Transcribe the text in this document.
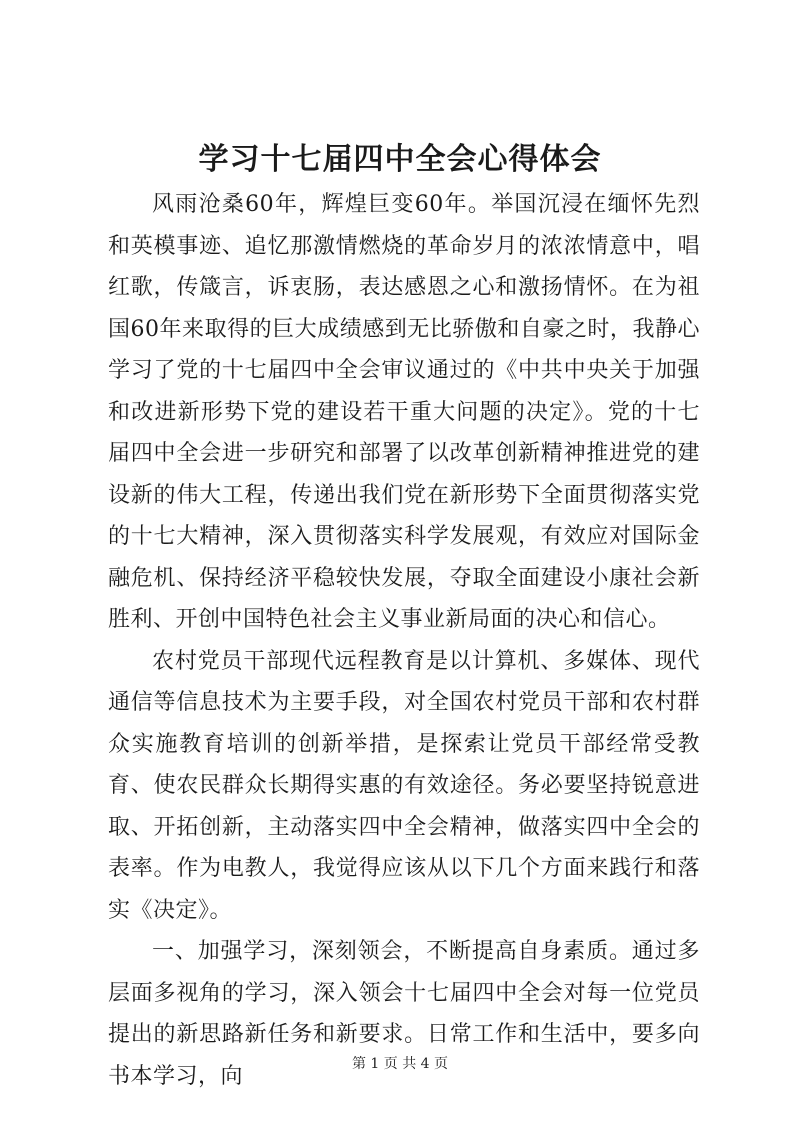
学习十七届四中全会心得体会

风雨沧桑60年，辉煌巨变60年。举国沉浸在缅怀先烈和英模事迹、追忆那激情燃烧的革命岁月的浓浓情意中，唱红歌，传箴言，诉衷肠，表达感恩之心和激扬情怀。在为祖国60年来取得的巨大成绩感到无比骄傲和自豪之时，我静心学习了党的十七届四中全会审议通过的《中共中央关于加强和改进新形势下党的建设若干重大问题的决定》。党的十七届四中全会进一步研究和部署了以改革创新精神推进党的建设新的伟大工程，传递出我们党在新形势下全面贯彻落实党的十七大精神，深入贯彻落实科学发展观，有效应对国际金融危机、保持经济平稳较快发展，夺取全面建设小康社会新胜利、开创中国特色社会主义事业新局面的决心和信心。

农村党员干部现代远程教育是以计算机、多媒体、现代通信等信息技术为主要手段，对全国农村党员干部和农村群众实施教育培训的创新举措，是探索让党员干部经常受教育、使农民群众长期得实惠的有效途径。务必要坚持锐意进取、开拓创新，主动落实四中全会精神，做落实四中全会的表率。作为电教人，我觉得应该从以下几个方面来践行和落实《决定》。

一、加强学习，深刻领会，不断提高自身素质。通过多层面多视角的学习，深入领会十七届四中全会对每一位党员提出的新思路新任务和新要求。日常工作和生活中，要多向书本学习，向	第 1 页 共 4 页
